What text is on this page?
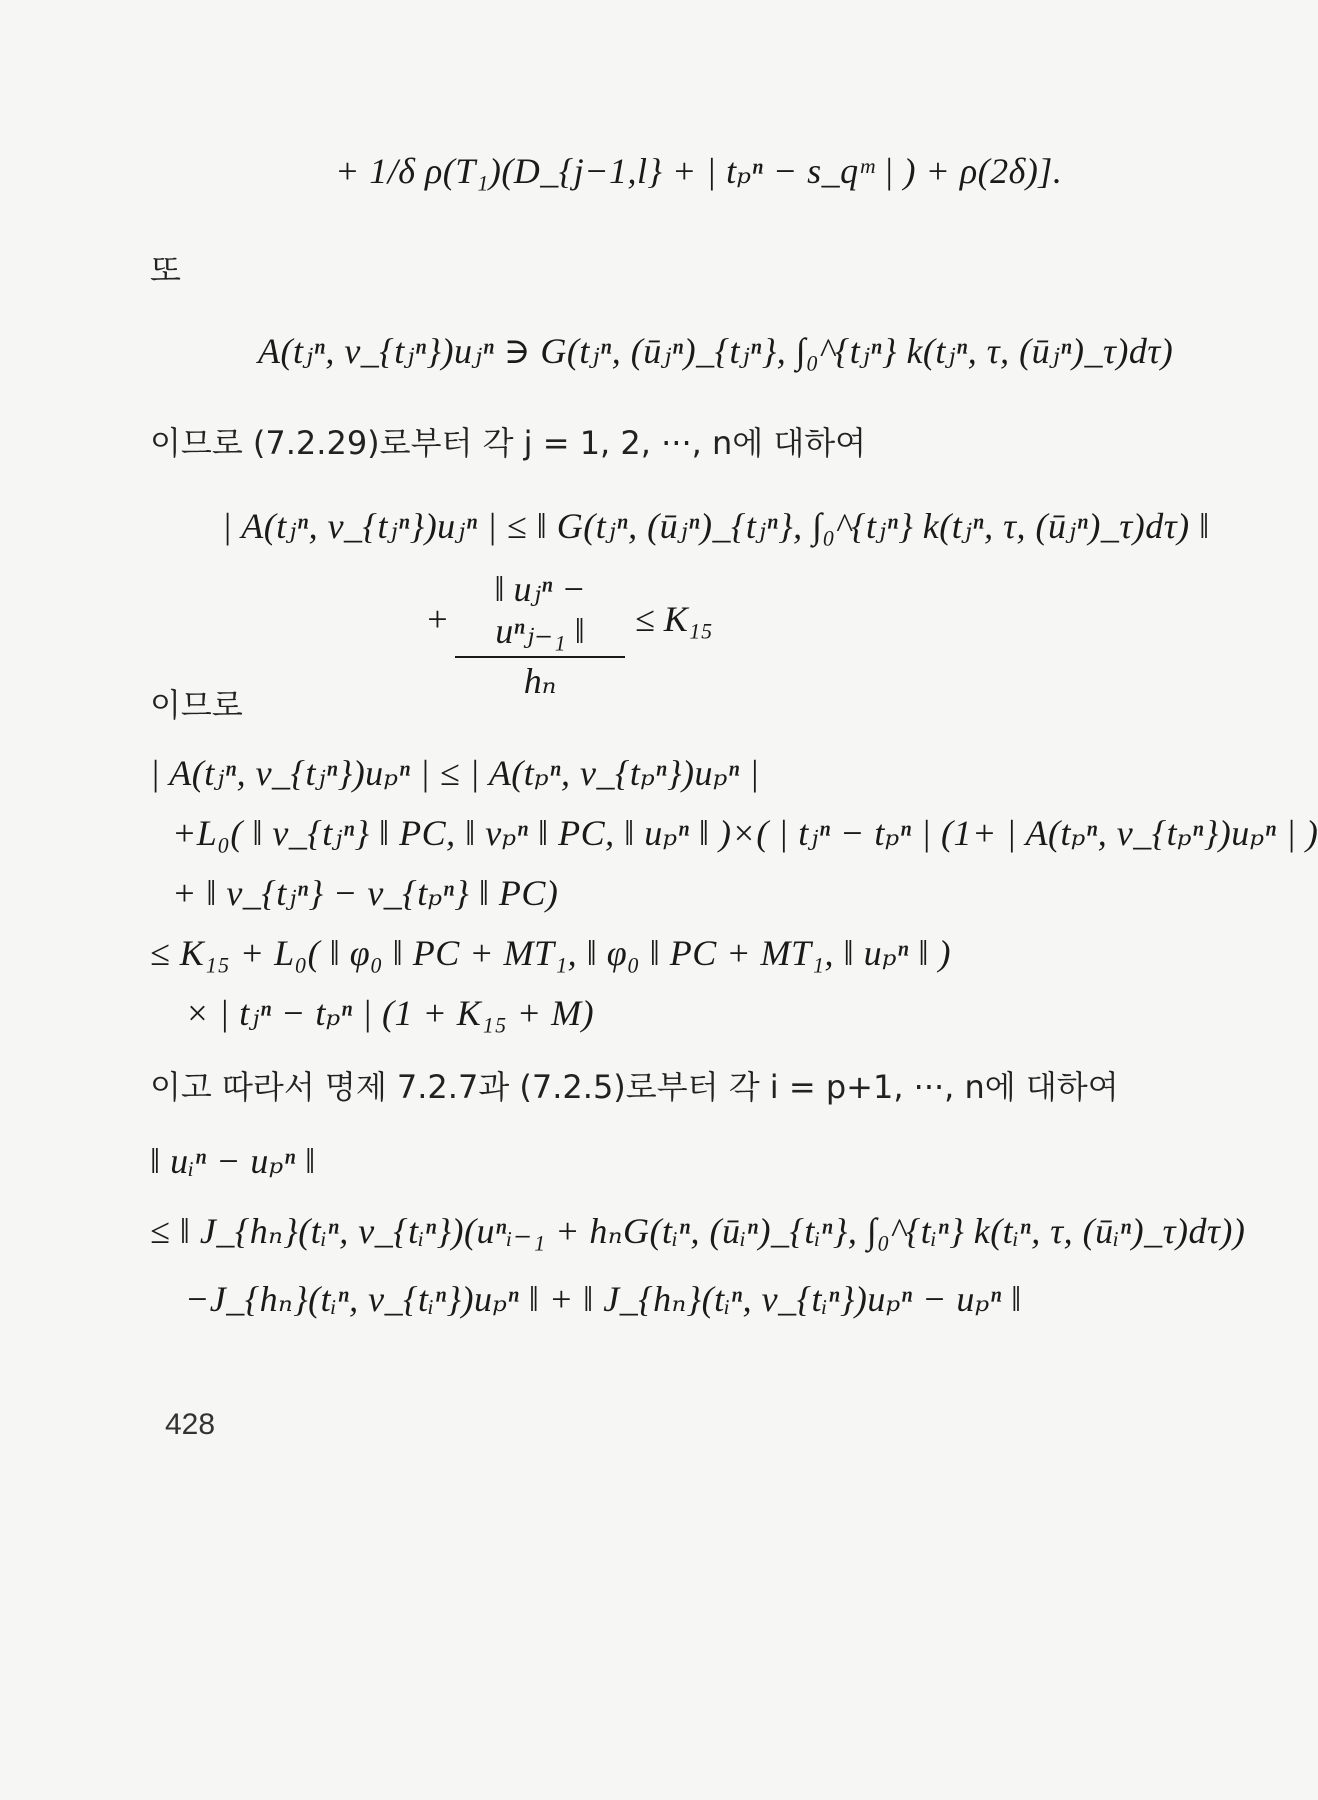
+ 1/δ ρ(T₁)(D_{j−1,l} + | tₚⁿ − s_qᵐ | ) + ρ(2δ)].
또
A(tⱼⁿ, v_{tⱼⁿ})uⱼⁿ ∋ G(tⱼⁿ, (ūⱼⁿ)_{tⱼⁿ}, ∫₀^{tⱼⁿ} k(tⱼⁿ, τ, (ūⱼⁿ)_τ)dτ)
이므로 (7.2.29)로부터 각 j = 1, 2, ···, n에 대하여
| A(tⱼⁿ, v_{tⱼⁿ})uⱼⁿ | ≤ ‖ G(tⱼⁿ, (ūⱼⁿ)_{tⱼⁿ}, ∫₀^{tⱼⁿ} k(tⱼⁿ, τ, (ūⱼⁿ)_τ)dτ) ‖
+
‖ uⱼⁿ − uⁿⱼ₋₁ ‖
hₙ
≤ K₁₅
이므로
| A(tⱼⁿ, v_{tⱼⁿ})uₚⁿ | ≤ | A(tₚⁿ, v_{tₚⁿ})uₚⁿ |
+L₀( ‖ v_{tⱼⁿ} ‖ PC, ‖ vₚⁿ ‖ PC, ‖ uₚⁿ ‖ )×( | tⱼⁿ − tₚⁿ | (1+ | A(tₚⁿ, v_{tₚⁿ})uₚⁿ | )
+ ‖ v_{tⱼⁿ} − v_{tₚⁿ} ‖ PC)
≤ K₁₅ + L₀( ‖ φ₀ ‖ PC + MT₁, ‖ φ₀ ‖ PC + MT₁, ‖ uₚⁿ ‖ )
× | tⱼⁿ − tₚⁿ | (1 + K₁₅ + M)
이고 따라서 명제 7.2.7과 (7.2.5)로부터 각 i = p+1, ···, n에 대하여
‖ uᵢⁿ − uₚⁿ ‖
≤ ‖ J_{hₙ}(tᵢⁿ, v_{tᵢⁿ})(uⁿᵢ₋₁ + hₙG(tᵢⁿ, (ūᵢⁿ)_{tᵢⁿ}, ∫₀^{tᵢⁿ} k(tᵢⁿ, τ, (ūᵢⁿ)_τ)dτ))
−J_{hₙ}(tᵢⁿ, v_{tᵢⁿ})uₚⁿ ‖ + ‖ J_{hₙ}(tᵢⁿ, v_{tᵢⁿ})uₚⁿ − uₚⁿ ‖
428
